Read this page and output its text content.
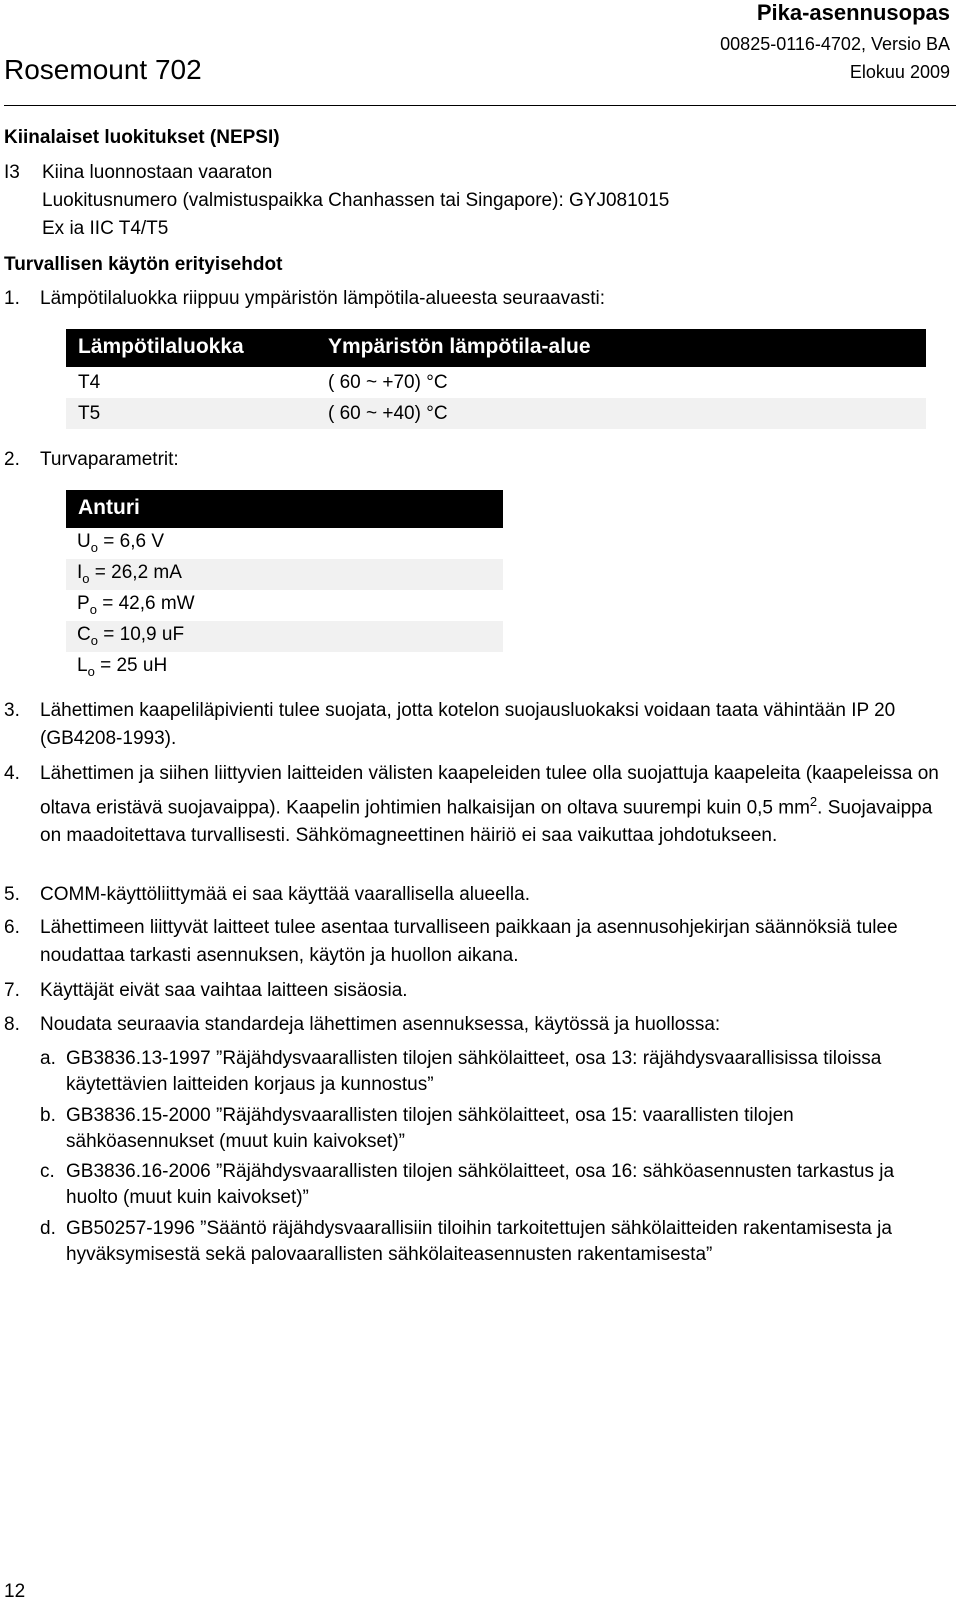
Pika-asennusopas
00825-0116-4702, Versio BA
Elokuu 2009
Rosemount 702
Kiinalaiset luokitukset (NEPSI)
I3 Kiina luonnostaan vaaraton
Luokitusnumero (valmistuspaikka Chanhassen tai Singapore): GYJ081015
Ex ia IIC T4/T5
Turvallisen käytön erityisehdot
1. Lämpötilaluokka riippuu ympäristön lämpötila-alueesta seuraavasti:
Lämpötilaluokka	Ympäristön lämpötila-alue
T4	( 60 ~ +70) °C
T5	( 60 ~ +40) °C
2. Turvaparametrit:
Anturi
$U_o = 6,6$ V
$I_o = 26,2$ mA
$P_o = 42,6$ mW
$C_o = 10,9$ uF
$L_o = 25$ uH
3. Lähettimen kaapeliläpivienti tulee suojata, jotta kotelon suojausluokaksi voidaan taata vähintään IP 20 (GB4208-1993).
4. Lähettimen ja siihen liittyvien laitteiden välisten kaapeleiden tulee olla suojattuja kaapeleita (kaapeleissa on oltava eristävä suojavaippa). Kaapelin johtimien halkaisijan on oltava suurempi kuin 0,5 $mm^2$. Suojavaippa on maadoitettava turvallisesti. Sähkömagneettinen häiriö ei saa vaikuttaa johdotukseen.
5. COMM-käyttöliittymää ei saa käyttää vaarallisella alueella.
6. Lähettimeen liittyvät laitteet tulee asentaa turvalliseen paikkaan ja asennusohjekirjan säännöksiä tulee noudattaa tarkasti asennuksen, käytön ja huollon aikana.
7. Käyttäjät eivät saa vaihtaa laitteen sisäosia.
8. Noudata seuraavia standardeja lähettimen asennuksessa, käytössä ja huollossa:
a. GB3836.13-1997 ”Räjähdysvaarallisten tilojen sähkölaitteet, osa 13: räjähdysvaarallisissa tiloissa käytettävien laitteiden korjaus ja kunnostus”
b. GB3836.15-2000 ”Räjähdysvaarallisten tilojen sähkölaitteet, osa 15: vaarallisten tilojen sähköasennukset (muut kuin kaivokset)”
c. GB3836.16-2006 ”Räjähdysvaarallisten tilojen sähkölaitteet, osa 16: sähköasennusten tarkastus ja huolto (muut kuin kaivokset)”
d. GB50257-1996 ”Sääntö räjähdysvaarallisiin tiloihin tarkoitettujen sähkölaitteiden rakentamisesta ja hyväksymisestä sekä palovaarallisten sähkölaiteasennusten rakentamisesta”
12
